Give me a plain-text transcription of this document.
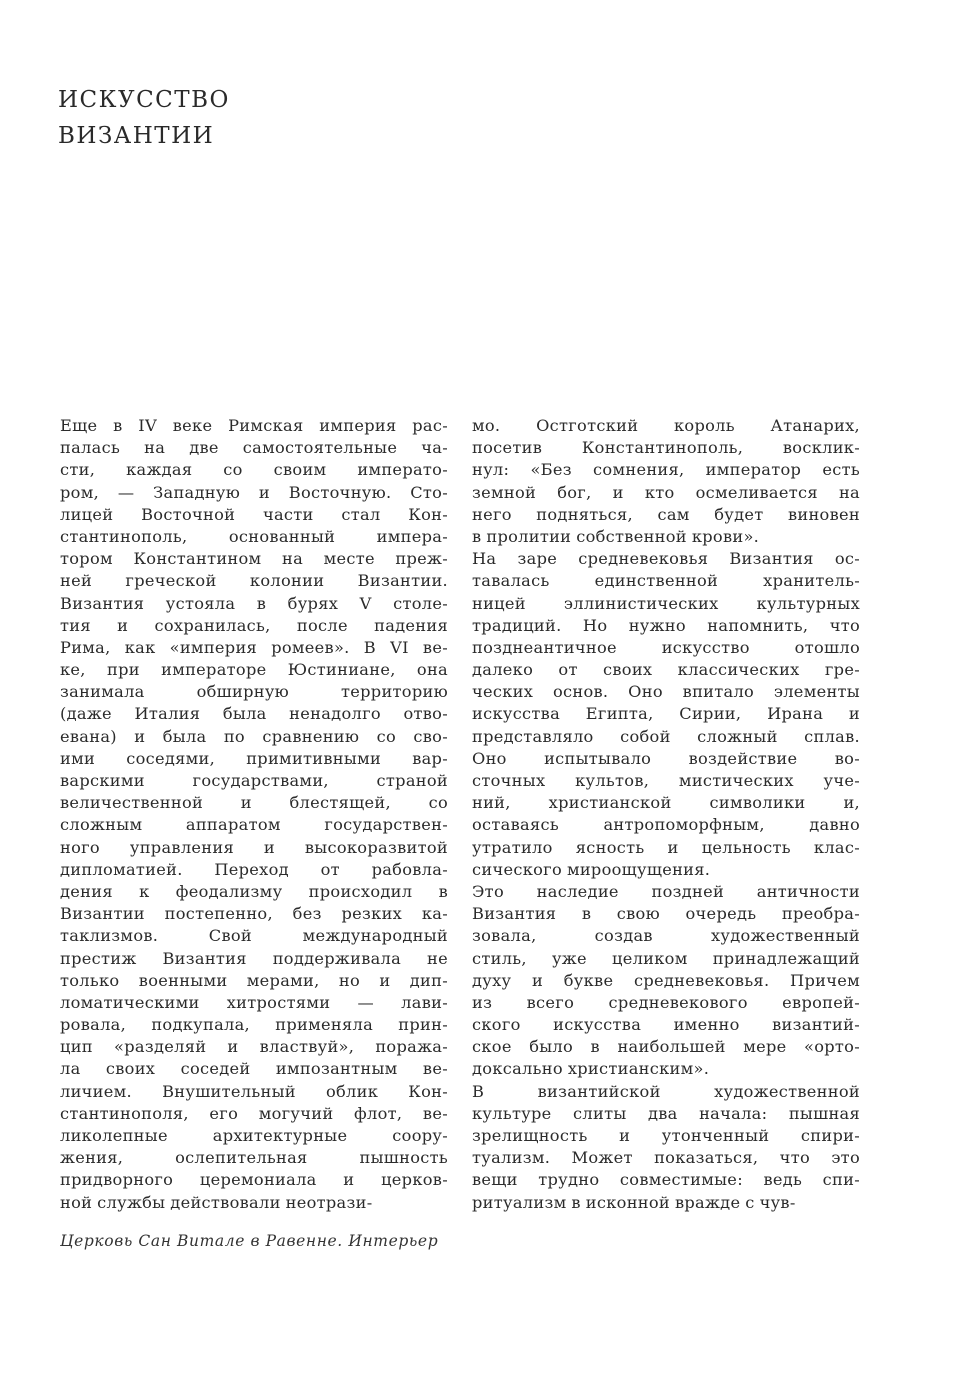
ИСКУССТВО
ВИЗАНТИИ
Еще в IV веке Римская империя рас-
палась на две самостоятельные ча-
сти, каждая со своим императо-
ром, — Западную и Восточную. Сто-
лицей Восточной части стал Кон-
стантинополь, основанный импера-
тором Константином на месте преж-
ней греческой колонии Византии.
Византия устояла в бурях V столе-
тия и сохранилась, после падения
Рима, как «империя ромеев». В VI ве-
ке, при императоре Юстиниане, она
занимала обширную территорию
(даже Италия была ненадолго отво-
евана) и была по сравнению со сво-
ими соседями, примитивными вар-
варскими государствами, страной
величественной и блестящей, со
сложным аппаратом государствен-
ного управления и высокоразвитой
дипломатией. Переход от рабовла-
дения к феодализму происходил в
Византии постепенно, без резких ка-
таклизмов. Свой международный
престиж Византия поддерживала не
только военными мерами, но и дип-
ломатическими хитростями — лави-
ровала, подкупала, применяла прин-
цип «разделяй и властвуй», поража-
ла своих соседей импозантным ве-
личием. Внушительный облик Кон-
стантинополя, его могучий флот, ве-
ликолепные архитектурные соору-
жения, ослепительная пышность
придворного церемониала и церков-
ной службы действовали неотрази-
мо. Остготский король Атанарих,
посетив Константинополь, восклик-
нул: «Без сомнения, император есть
земной бог, и кто осмеливается на
него подняться, сам будет виновен
в пролитии собственной крови».
На заре средневековья Византия ос-
тавалась единственной хранитель-
ницей эллинистических культурных
традиций. Но нужно напомнить, что
позднеантичное искусство отошло
далеко от своих классических гре-
ческих основ. Оно впитало элементы
искусства Египта, Сирии, Ирана и
представляло собой сложный сплав.
Оно испытывало воздействие во-
сточных культов, мистических уче-
ний, христианской символики и,
оставаясь антропоморфным, давно
утратило ясность и цельность клас-
сического мироощущения.
Это наследие поздней античности
Византия в свою очередь преобра-
зовала, создав художественный
стиль, уже целиком принадлежащий
духу и букве средневековья. Причем
из всего средневекового европей-
ского искусства именно византий-
ское было в наибольшей мере «орто-
доксально христианским».
В византийской художественной
культуре слиты два начала: пышная
зрелищность и утонченный спири-
туализм. Может показаться, что это
вещи трудно совместимые: ведь спи-
ритуализм в исконной вражде с чув-
Церковь Сан Витале в Равенне. Интерьер
